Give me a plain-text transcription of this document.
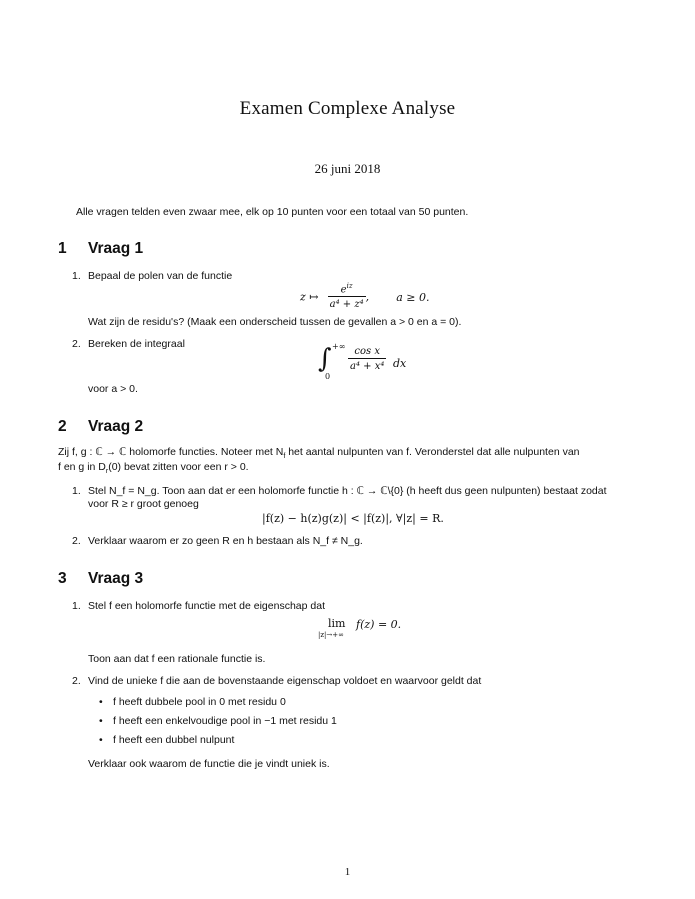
Examen Complexe Analyse
26 juni 2018
Alle vragen telden even zwaar mee, elk op 10 punten voor een totaal van 50 punten.
1 Vraag 1
1. Bepaal de polen van de functie
z ↦ $\frac{e^{iz}}{\text{a⁴ + z⁴}}$ , a ≥ 0.
Wat zijn de residu's? (Maak een onderscheid tussen de gevallen a > 0 en a = 0).
2. Bereken de integraal	∫ +∞
0
$\frac{\text{cos x}}{\text{a⁴ + x⁴}}$ dx
voor a > 0.
2 Vraag 2
Zij f, g : ℂ → ℂ holomorfe functies. Noteer met $N_f$ het aantal nulpunten van f. Veronderstel dat alle nulpunten van
f en g in $D_r(0)$ bevat zitten voor een r > 0.
1. Stel N_f = N_g. Toon aan dat er een holomorfe functie h : ℂ → ℂ\{0} (h heeft dus geen nulpunten) bestaat zodat
voor R ≥ r groot genoeg
|f(z) − h(z)g(z)| < |f(z)|, ∀|z| = R.
2. Verklaar waarom er zo geen R en h bestaan als N_f ≠ N_g.
3 Vraag 3
1. Stel f een holomorfe functie met de eigenschap dat
lim
|z|→+∞
f(z) = 0.
Toon aan dat f een rationale functie is.
2. Vind de unieke f die aan de bovenstaande eigenschap voldoet en waarvoor geldt dat
• f heeft dubbele pool in 0 met residu 0
• f heeft een enkelvoudige pool in −1 met residu 1
• f heeft een dubbel nulpunt
Verklaar ook waarom de functie die je vindt uniek is.
1
